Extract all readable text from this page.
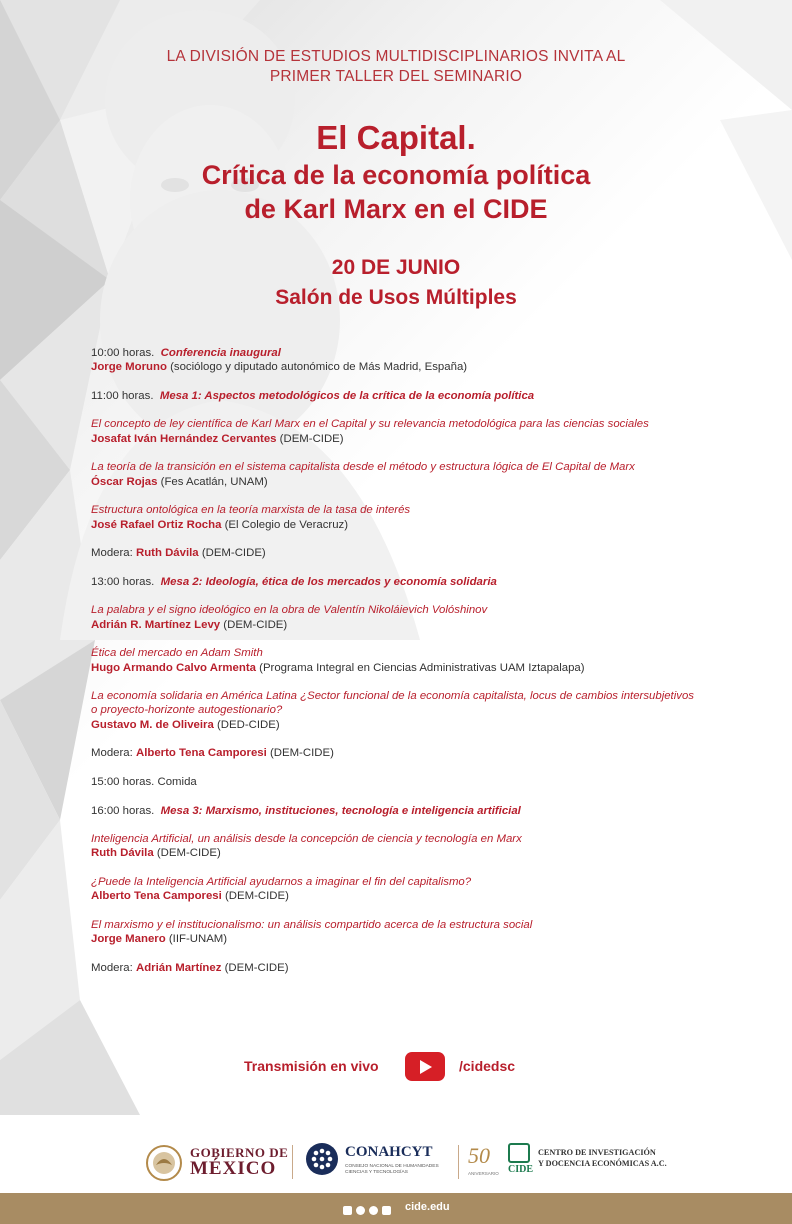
LA DIVISIÓN DE ESTUDIOS MULTIDISCIPLINARIOS INVITA AL
PRIMER TALLER DEL SEMINARIO
El Capital.
Crítica de la economía política
de Karl Marx en el CIDE
20 DE JUNIO
Salón de Usos Múltiples

10:00 horas. Conferencia inaugural
Jorge Moruno (sociólogo y diputado autonómico de Más Madrid, España)

11:00 horas. Mesa 1: Aspectos metodológicos de la crítica de la economía política

El concepto de ley científica de Karl Marx en el Capital y su relevancia metodológica para las ciencias sociales
Josafat Iván Hernández Cervantes (DEM-CIDE)

La teoría de la transición en el sistema capitalista desde el método y estructura lógica de El Capital de Marx
Óscar Rojas (Fes Acatlán, UNAM)

Estructura ontológica en la teoría marxista de la tasa de interés
José Rafael Ortiz Rocha (El Colegio de Veracruz)

Modera: Ruth Dávila (DEM-CIDE)

13:00 horas. Mesa 2: Ideología, ética de los mercados y economía solidaria

La palabra y el signo ideológico en la obra de Valentín Nikoláievich Volóshinov
Adrián R. Martínez Levy (DEM-CIDE)

Ética del mercado en Adam Smith
Hugo Armando Calvo Armenta (Programa Integral en Ciencias Administrativas UAM Iztapalapa)

La economía solidaria en América Latina ¿Sector funcional de la economía capitalista, locus de cambios intersubjetivos o proyecto-horizonte autogestionario?
Gustavo M. de Oliveira (DED-CIDE)

Modera: Alberto Tena Camporesi (DEM-CIDE)

15:00 horas. Comida

16:00 horas. Mesa 3: Marxismo, instituciones, tecnología e inteligencia artificial

Inteligencia Artificial, un análisis desde la concepción de ciencia y tecnología en Marx
Ruth Dávila (DEM-CIDE)

¿Puede la Inteligencia Artificial ayudarnos a imaginar el fin del capitalismo?
Alberto Tena Camporesi (DEM-CIDE)

El marxismo y el institucionalismo: un análisis compartido acerca de la estructura social
Jorge Manero (IIF-UNAM)

Modera: Adrián Martínez (DEM-CIDE)

Transmisión en vivo	/cidedsc
GOBIERNO DE
MÉXICO
CONAHCYT
CONSEJO NACIONAL DE HUMANIDADES CIENCIAS Y TECNOLOGÍAS
50
ANIVERSARIO CIDE
CENTRO DE INVESTIGACIÓN
Y DOCENCIA ECONÓMICAS A.C.
cide.edu
